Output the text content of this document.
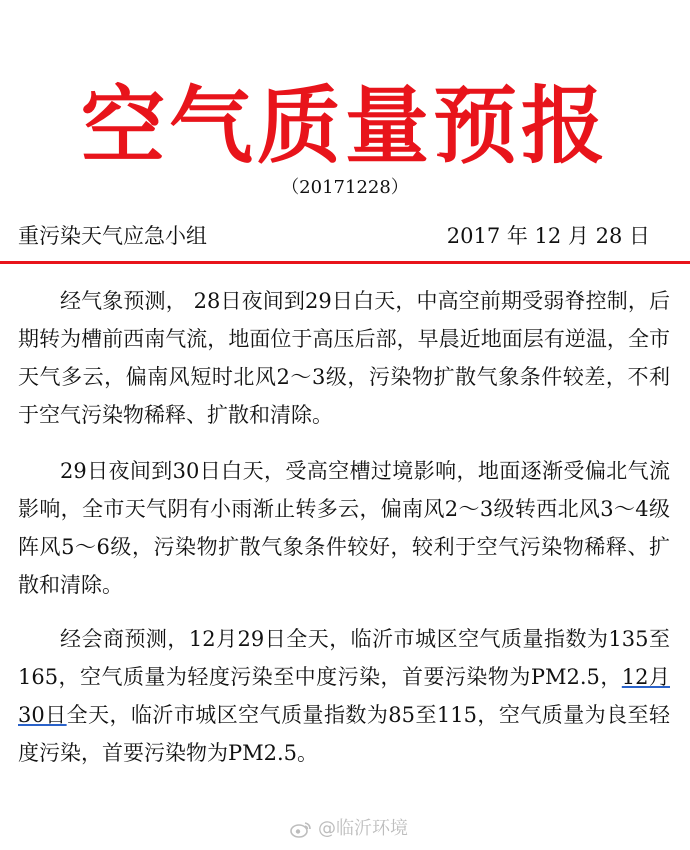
空气质量预报
（20171228）
重污染天气应急小组	2017 年 12 月 28 日

经气象预测， 28日夜间到29日白天，中高空前期受弱脊控制，后期转为槽前西南气流，地面位于高压后部，早晨近地面层有逆温，全市天气多云，偏南风短时北风2～3级，污染物扩散气象条件较差，不利于空气污染物稀释、扩散和清除。

29日夜间到30日白天，受高空槽过境影响，地面逐渐受偏北气流影响，全市天气阴有小雨渐止转多云，偏南风2～3级转西北风3～4级阵风5～6级，污染物扩散气象条件较好，较利于空气污染物稀释、扩散和清除。

经会商预测，12月29日全天，临沂市城区空气质量指数为135至165，空气质量为轻度污染至中度污染，首要污染物为PM2.5，12月30日全天，临沂市城区空气质量指数为85至115，空气质量为良至轻度污染，首要污染物为PM2.5。

@临沂环境
